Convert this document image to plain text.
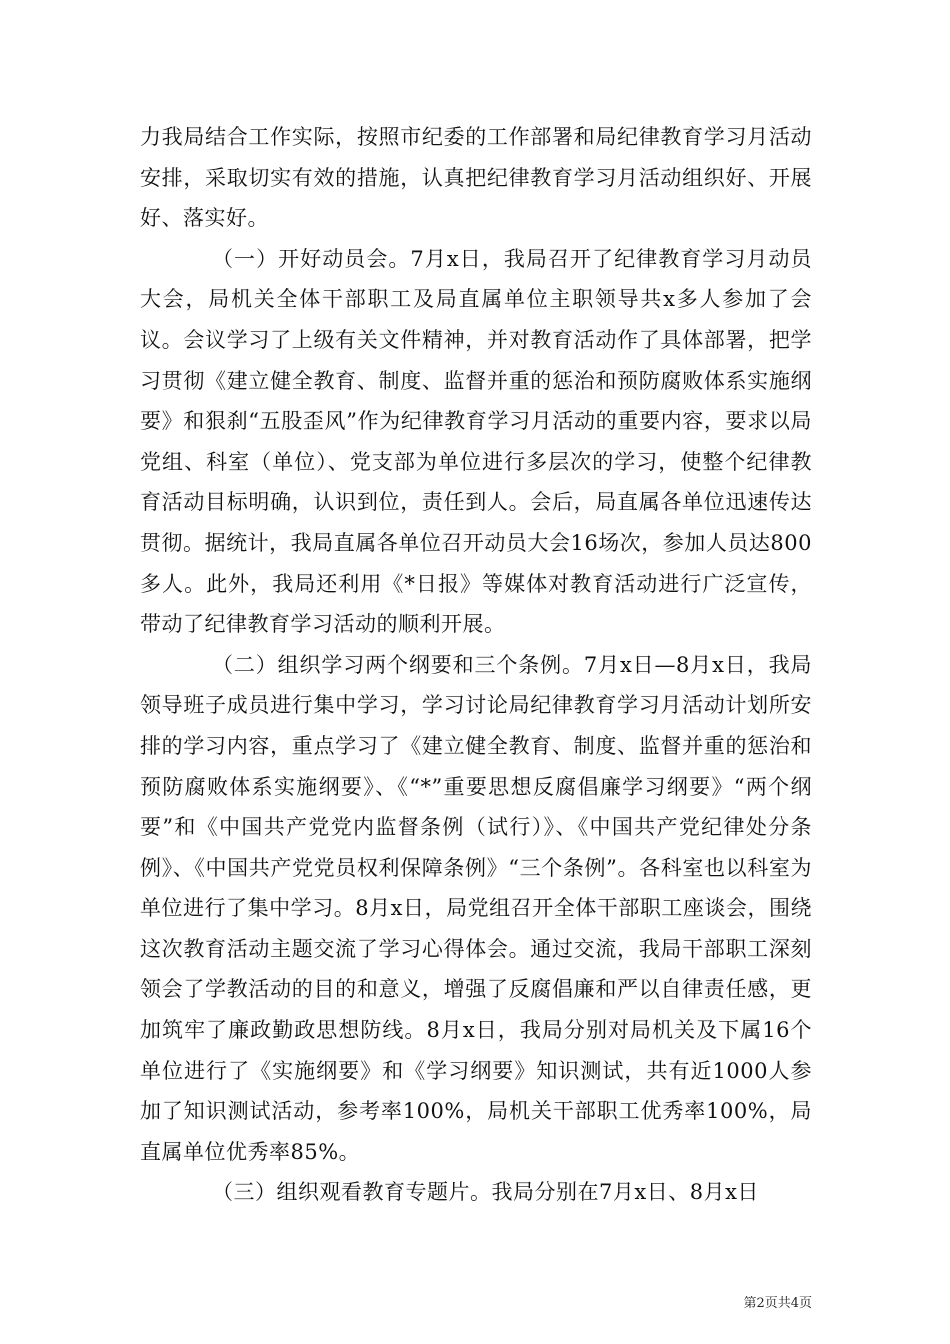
力我局结合工作实际，按照市纪委的工作部署和局纪律教育学习月活动安排，采取切实有效的措施，认真把纪律教育学习月活动组织好、开展好、落实好。

（一）开好动员会。7月x日，我局召开了纪律教育学习月动员大会，局机关全体干部职工及局直属单位主职领导共x多人参加了会议。会议学习了上级有关文件精神，并对教育活动作了具体部署，把学习贯彻《建立健全教育、制度、监督并重的惩治和预防腐败体系实施纲要》和狠刹“五股歪风”作为纪律教育学习月活动的重要内容，要求以局党组、科室（单位）、党支部为单位进行多层次的学习，使整个纪律教育活动目标明确，认识到位，责任到人。会后，局直属各单位迅速传达贯彻。据统计，我局直属各单位召开动员大会16场次，参加人员达800多人。此外，我局还利用《*日报》等媒体对教育活动进行广泛宣传，带动了纪律教育学习活动的顺利开展。

（二）组织学习两个纲要和三个条例。7月x日—8月x日，我局领导班子成员进行集中学习，学习讨论局纪律教育学习月活动计划所安排的学习内容，重点学习了《建立健全教育、制度、监督并重的惩治和预防腐败体系实施纲要》、《“*”重要思想反腐倡廉学习纲要》“两个纲要”和《中国共产党党内监督条例（试行）》、《中国共产党纪律处分条例》、《中国共产党党员权利保障条例》“三个条例”。各科室也以科室为单位进行了集中学习。8月x日，局党组召开全体干部职工座谈会，围绕这次教育活动主题交流了学习心得体会。通过交流，我局干部职工深刻领会了学教活动的目的和意义，增强了反腐倡廉和严以自律责任感，更加筑牢了廉政勤政思想防线。8月x日，我局分别对局机关及下属16个单位进行了《实施纲要》和《学习纲要》知识测试，共有近1000人参加了知识测试活动，参考率100%，局机关干部职工优秀率100%，局直属单位优秀率85%。

（三）组织观看教育专题片。我局分别在7月x日、8月x日

第2页共4页
